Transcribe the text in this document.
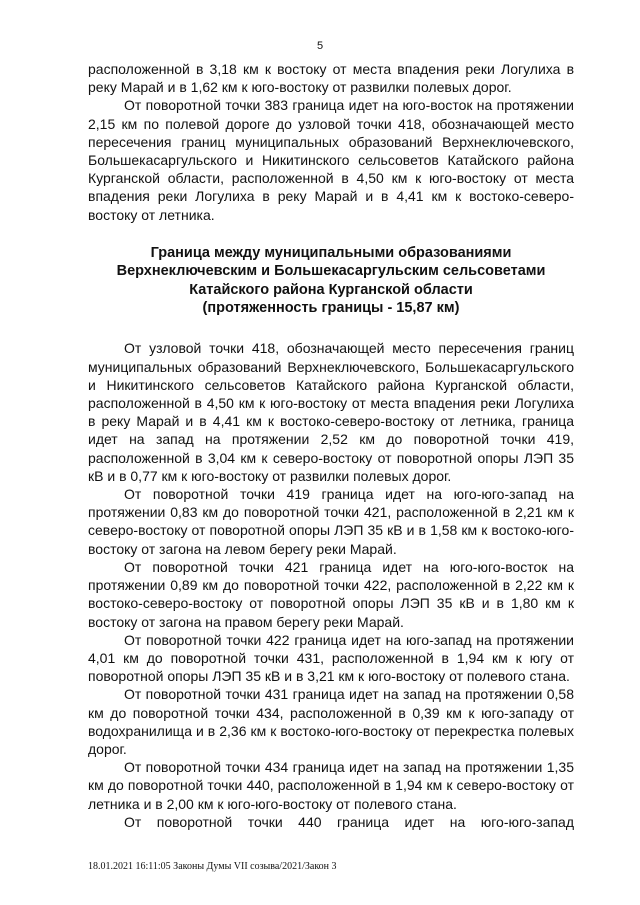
5

расположенной в 3,18 км к востоку от места впадения реки Логулиха в реку Марай и в 1,62 км к юго-востоку от развилки полевых дорог.

От поворотной точки 383 граница идет на юго-восток на протяжении 2,15 км по полевой дороге до узловой точки 418, обозначающей место пересечения границ муниципальных образований Верхнеключевского, Большекасаргульского и Никитинского сельсоветов Катайского района Курганской области, расположенной в 4,50 км к юго-востоку от места впадения реки Логулиха в реку Марай и в 4,41 км к востоко-северо-востоку от летника.

Граница между муниципальными образованиями
Верхнеключевским и Большекасаргульским сельсоветами
Катайского района Курганской области
(протяженность границы - 15,87 км)

От узловой точки 418, обозначающей место пересечения границ муниципальных образований Верхнеключевского, Большекасаргульского и Никитинского сельсоветов Катайского района Курганской области, расположенной в 4,50 км к юго-востоку от места впадения реки Логулиха в реку Марай и в 4,41 км к востоко-северо-востоку от летника, граница идет на запад на протяжении 2,52 км до поворотной точки 419, расположенной в 3,04 км к северо-востоку от поворотной опоры ЛЭП 35 кВ и в 0,77 км к юго-востоку от развилки полевых дорог.

От поворотной точки 419 граница идет на юго-юго-запад на протяжении 0,83 км до поворотной точки 421, расположенной в 2,21 км к северо-востоку от поворотной опоры ЛЭП 35 кВ и в 1,58 км к востоко-юго-востоку от загона на левом берегу реки Марай.

От поворотной точки 421 граница идет на юго-юго-восток на протяжении 0,89 км до поворотной точки 422, расположенной в 2,22 км к востоко-северо-востоку от поворотной опоры ЛЭП 35 кВ и в 1,80 км к востоку от загона на правом берегу реки Марай.

От поворотной точки 422 граница идет на юго-запад на протяжении 4,01 км до поворотной точки 431, расположенной в 1,94 км к югу от поворотной опоры ЛЭП 35 кВ и в 3,21 км к юго-востоку от полевого стана.

От поворотной точки 431 граница идет на запад на протяжении 0,58 км до поворотной точки 434, расположенной в 0,39 км к юго-западу от водохранилища и в 2,36 км к востоко-юго-востоку от перекрестка полевых дорог.

От поворотной точки 434 граница идет на запад на протяжении 1,35 км до поворотной точки 440, расположенной в 1,94 км к северо-востоку от летника и в 2,00 км к юго-юго-востоку от полевого стана.

От поворотной точки 440 граница идет на юго-юго-запад

18.01.2021 16:11:05 Законы Думы VII созыва/2021/Закон 3
